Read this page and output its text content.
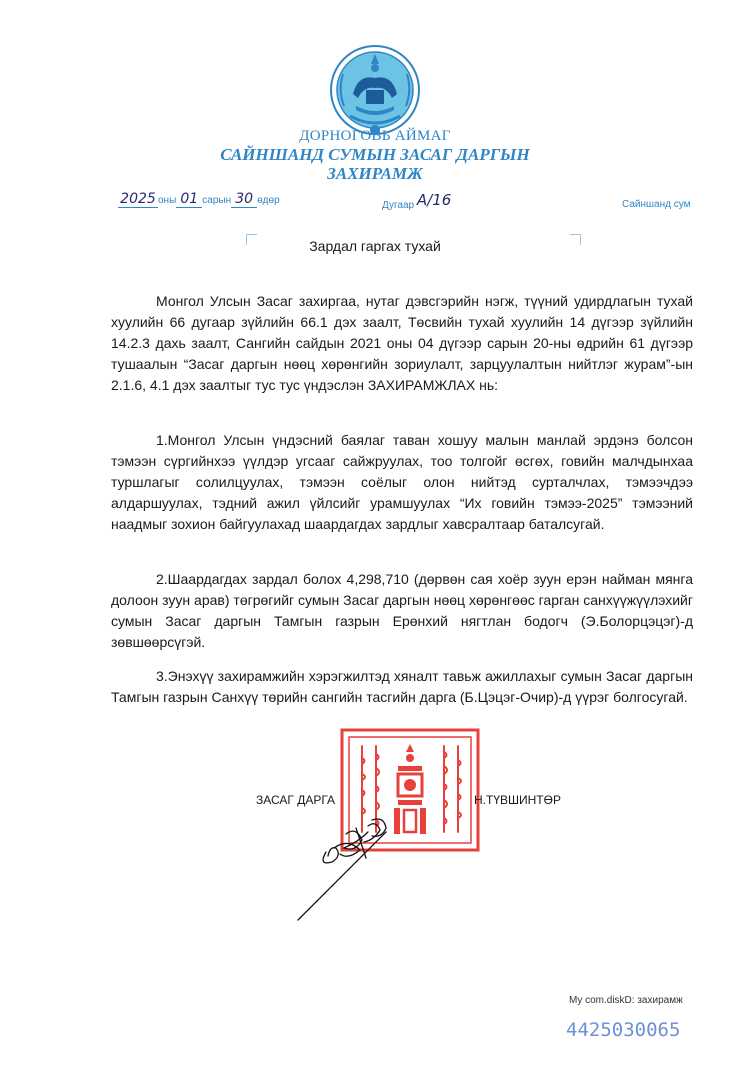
ДОРНОГОВЬ АЙМАГ
САЙНШАНД СУМЫН ЗАСАГ ДАРГЫН
ЗАХИРАМЖ
2025 оны 01 сарын 30 өдөр	Дугаар А/16	Сайншанд сум
Зардал гаргах тухай
Монгол Улсын Засаг захиргаа, нутаг дэвсгэрийн нэгж, түүний удирдлагын тухай хуулийн 66 дугаар зүйлийн 66.1 дэх заалт, Төсвийн тухай хуулийн 14 дүгээр зүйлийн 14.2.3 дахь заалт, Сангийн сайдын 2021 оны 04 дүгээр сарын 20-ны өдрийн 61 дүгээр тушаалын “Засаг даргын нөөц хөрөнгийн зориулалт, зарцуулалтын нийтлэг журам”-ын 2.1.6, 4.1 дэх заалтыг тус тус үндэслэн ЗАХИРАМЖЛАХ нь:
1.Монгол Улсын үндэсний баялаг таван хошуу малын манлай эрдэнэ болсон тэмээн сүргийнхээ үүлдэр угсааг сайжруулах, тоо толгойг өсгөх, говийн малчдынхаа туршлагыг солилцуулах, тэмээн соёлыг олон нийтэд сурталчлах, тэмээчдээ алдаршуулах, тэдний ажил үйлсийг урамшуулах “Их говийн тэмээ-2025” тэмээний наадмыг зохион байгуулахад шаардагдах зардлыг хавсралтаар баталсугай.
2.Шаардагдах зардал болох 4,298,710 (дөрвөн сая хоёр зуун ерэн найман мянга долоон зуун арав) төгрөгийг сумын Засаг даргын нөөц хөрөнгөөс гарган санхүүжүүлэхийг сумын Засаг даргын Тамгын газрын Ерөнхий нягтлан бодогч (Э.Болорцэцэг)-д зөвшөөрсүгэй.
3.Энэхүү захирамжийн хэрэгжилтэд хяналт тавьж ажиллахыг сумын Засаг даргын Тамгын газрын Санхүү төрийн сангийн тасгийн дарга (Б.Цэцэг-Очир)-д үүрэг болгосугай.
ЗАСАГ ДАРГА	Н.ТҮВШИНТӨР
My com.diskD: захирамж
4425030065
